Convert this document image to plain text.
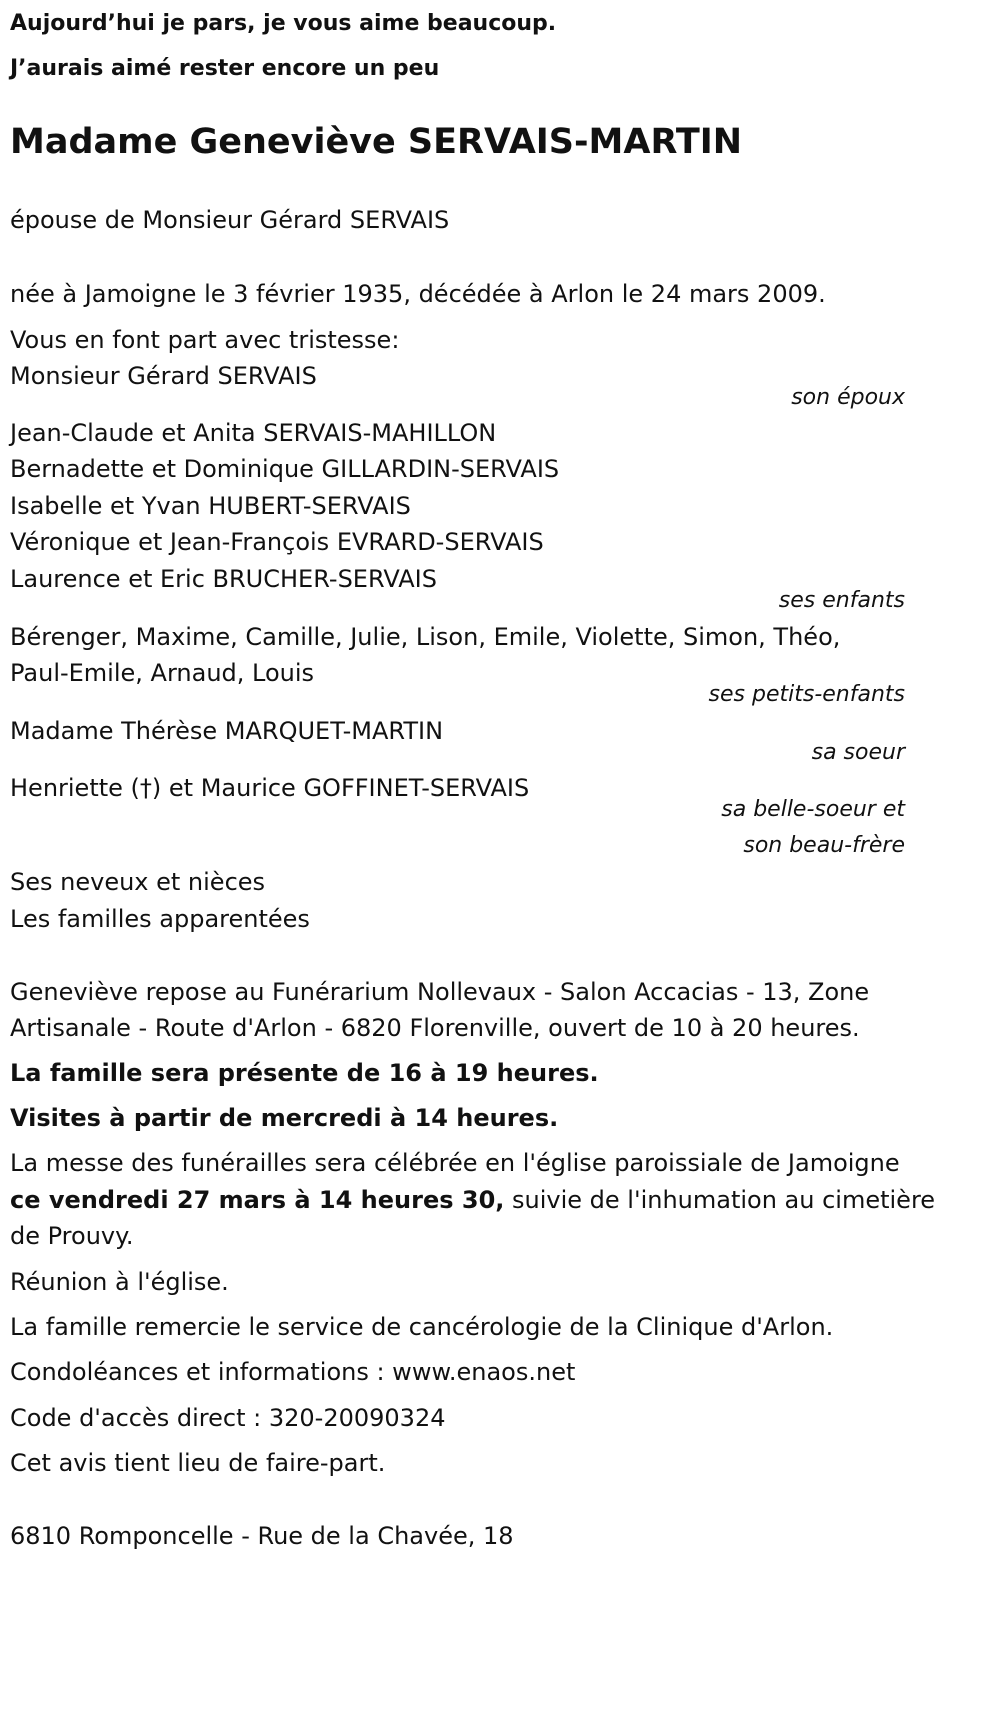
Aujourd’hui je pars, je vous aime beaucoup.
J’aurais aimé rester encore un peu
Madame Geneviève SERVAIS-MARTIN
épouse de Monsieur Gérard SERVAIS
née à Jamoigne le 3 février 1935, décédée à Arlon le 24 mars 2009.
Vous en font part avec tristesse:
Monsieur Gérard SERVAIS
son époux
Jean-Claude et Anita SERVAIS-MAHILLON
Bernadette et Dominique GILLARDIN-SERVAIS
Isabelle et Yvan HUBERT-SERVAIS
Véronique et Jean-François EVRARD-SERVAIS
Laurence et Eric BRUCHER-SERVAIS
ses enfants
Bérenger, Maxime, Camille, Julie, Lison, Emile, Violette, Simon, Théo,
Paul-Emile, Arnaud, Louis
ses petits-enfants
Madame Thérèse MARQUET-MARTIN
sa soeur
Henriette (†) et Maurice GOFFINET-SERVAIS
sa belle-soeur et
son beau-frère
Ses neveux et nièces
Les familles apparentées
Geneviève repose au Funérarium Nollevaux - Salon Accacias - 13, Zone
Artisanale - Route d'Arlon - 6820 Florenville, ouvert de 10 à 20 heures.
La famille sera présente de 16 à 19 heures.
Visites à partir de mercredi à 14 heures.
La messe des funérailles sera célébrée en l'église paroissiale de Jamoigne
ce vendredi 27 mars à 14 heures 30, suivie de l'inhumation au cimetière
de Prouvy.
Réunion à l'église.
La famille remercie le service de cancérologie de la Clinique d'Arlon.
Condoléances et informations : www.enaos.net
Code d'accès direct : 320-20090324
Cet avis tient lieu de faire-part.
6810 Romponcelle - Rue de la Chavée, 18
